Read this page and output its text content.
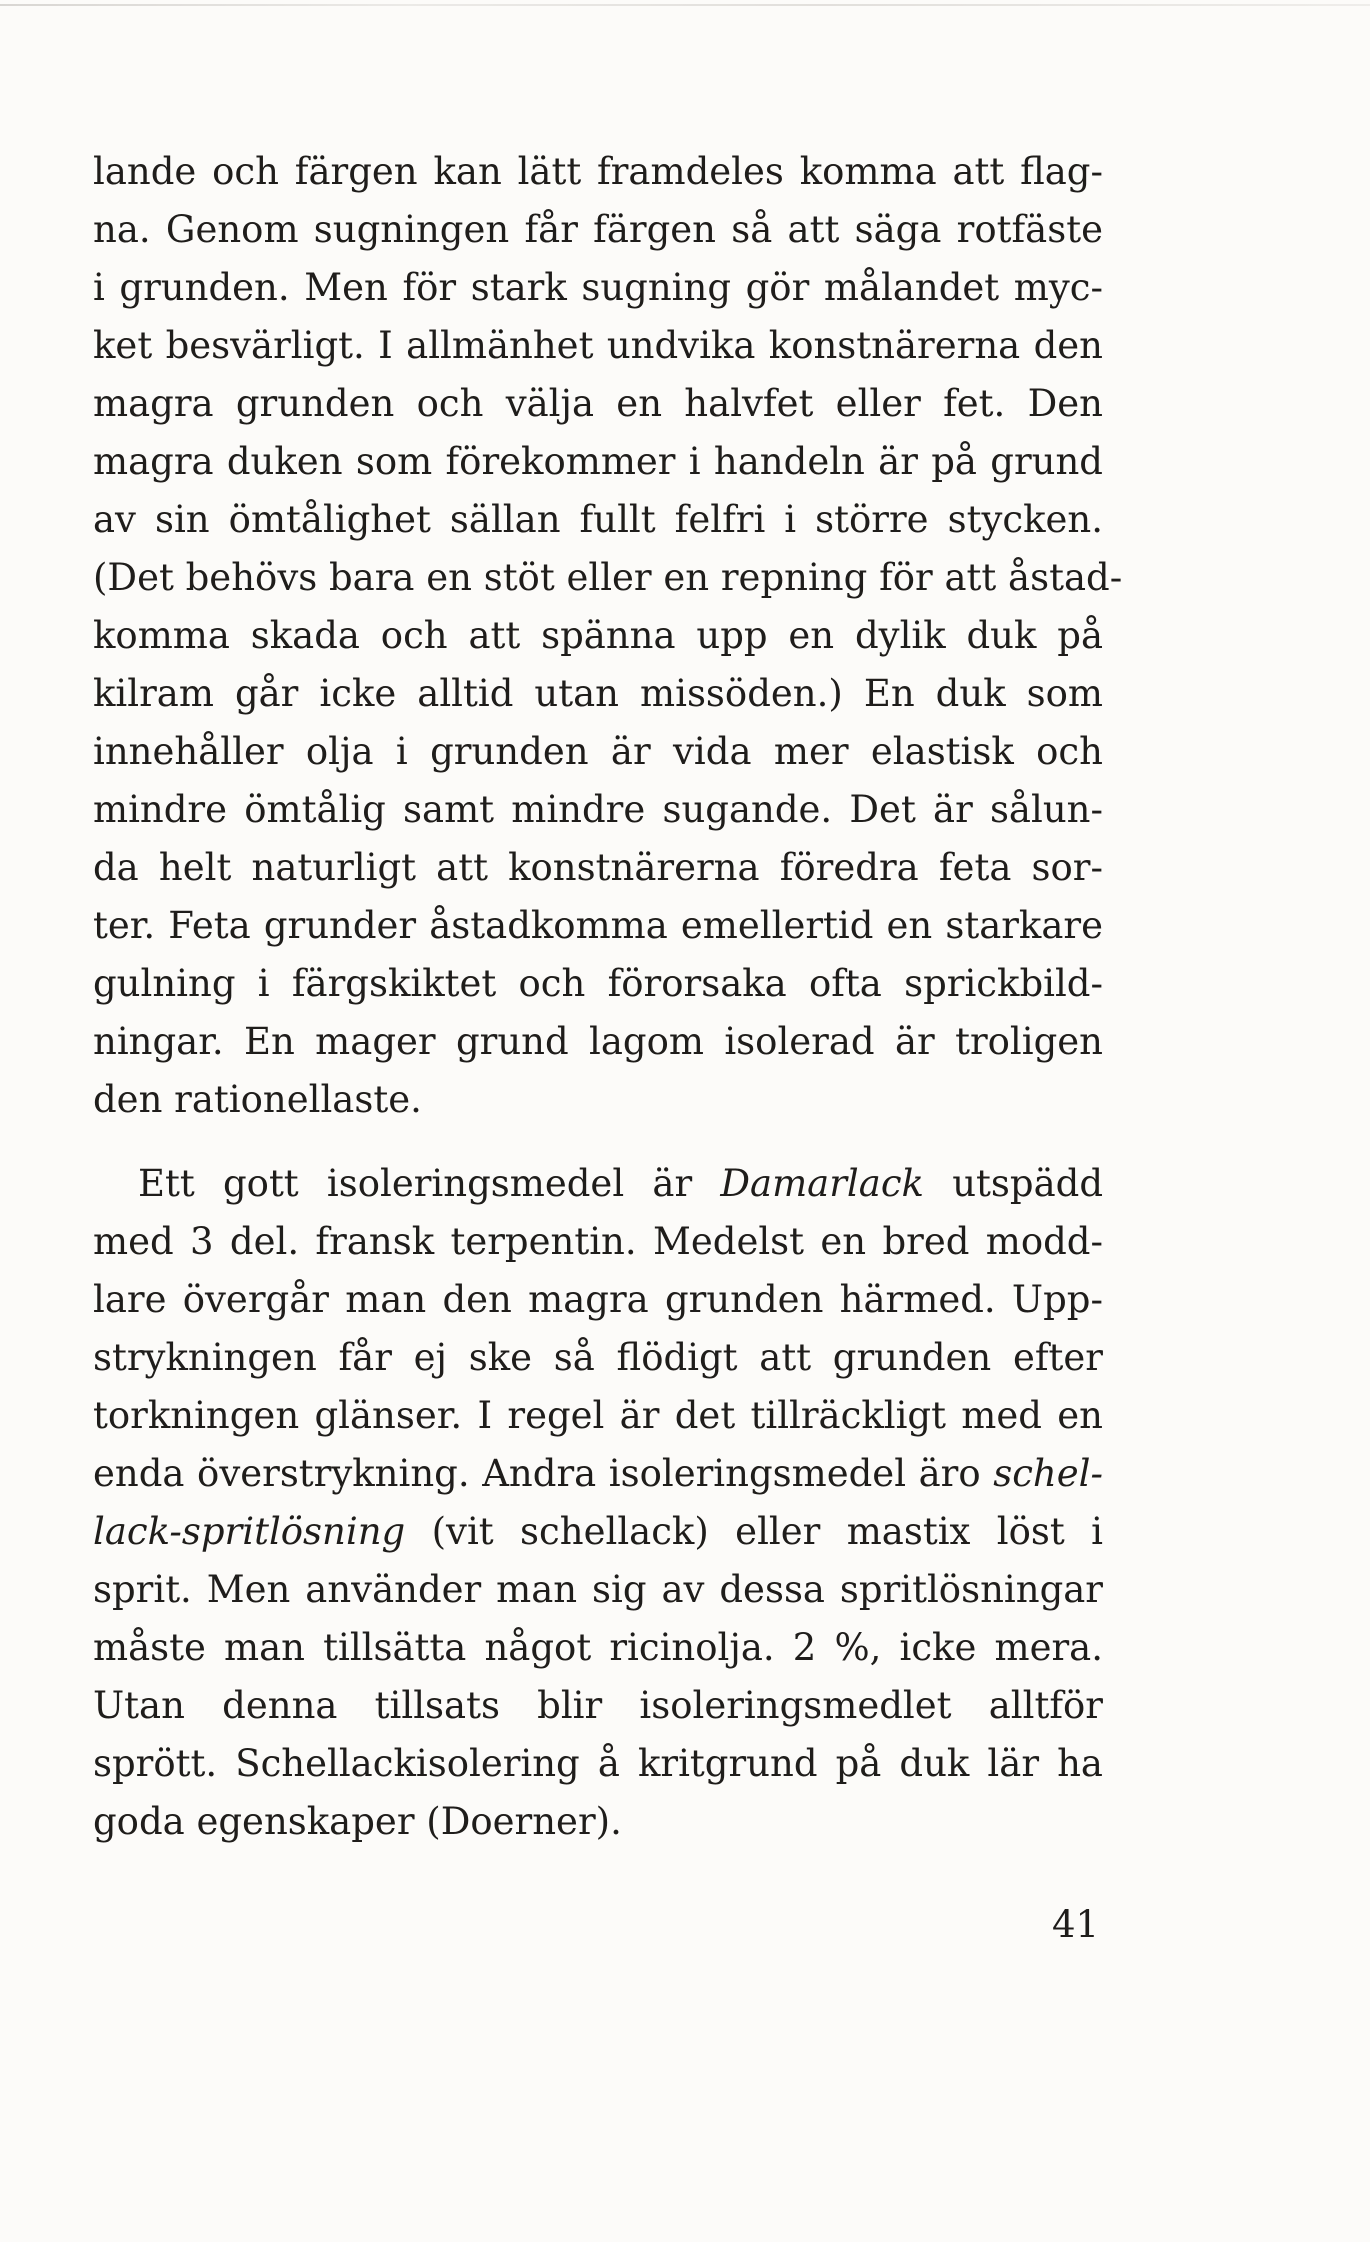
lande och färgen kan lätt framdeles komma att flag-
na. Genom sugningen får färgen så att säga rotfäste
i grunden. Men för stark sugning gör målandet myc-
ket besvärligt. I allmänhet undvika konstnärerna den
magra grunden och välja en halvfet eller fet. Den
magra duken som förekommer i handeln är på grund
av sin ömtålighet sällan fullt felfri i större stycken.
(Det behövs bara en stöt eller en repning för att åstad-
komma skada och att spänna upp en dylik duk på
kilram går icke alltid utan missöden.) En duk som
innehåller olja i grunden är vida mer elastisk och
mindre ömtålig samt mindre sugande. Det är sålun-
da helt naturligt att konstnärerna föredra feta sor-
ter. Feta grunder åstadkomma emellertid en starkare
gulning i färgskiktet och förorsaka ofta sprickbild-
ningar. En mager grund lagom isolerad är troligen
den rationellaste.
Ett gott isoleringsmedel är Damarlack utspädd
med 3 del. fransk terpentin. Medelst en bred modd-
lare övergår man den magra grunden härmed. Upp-
strykningen får ej ske så flödigt att grunden efter
torkningen glänser. I regel är det tillräckligt med en
enda överstrykning. Andra isoleringsmedel äro schel-
lack-spritlösning (vit schellack) eller mastix löst i
sprit. Men använder man sig av dessa spritlösningar
måste man tillsätta något ricinolja. 2 %, icke mera.
Utan denna tillsats blir isoleringsmedlet alltför
sprött. Schellackisolering å kritgrund på duk lär ha
goda egenskaper (Doerner).
41
